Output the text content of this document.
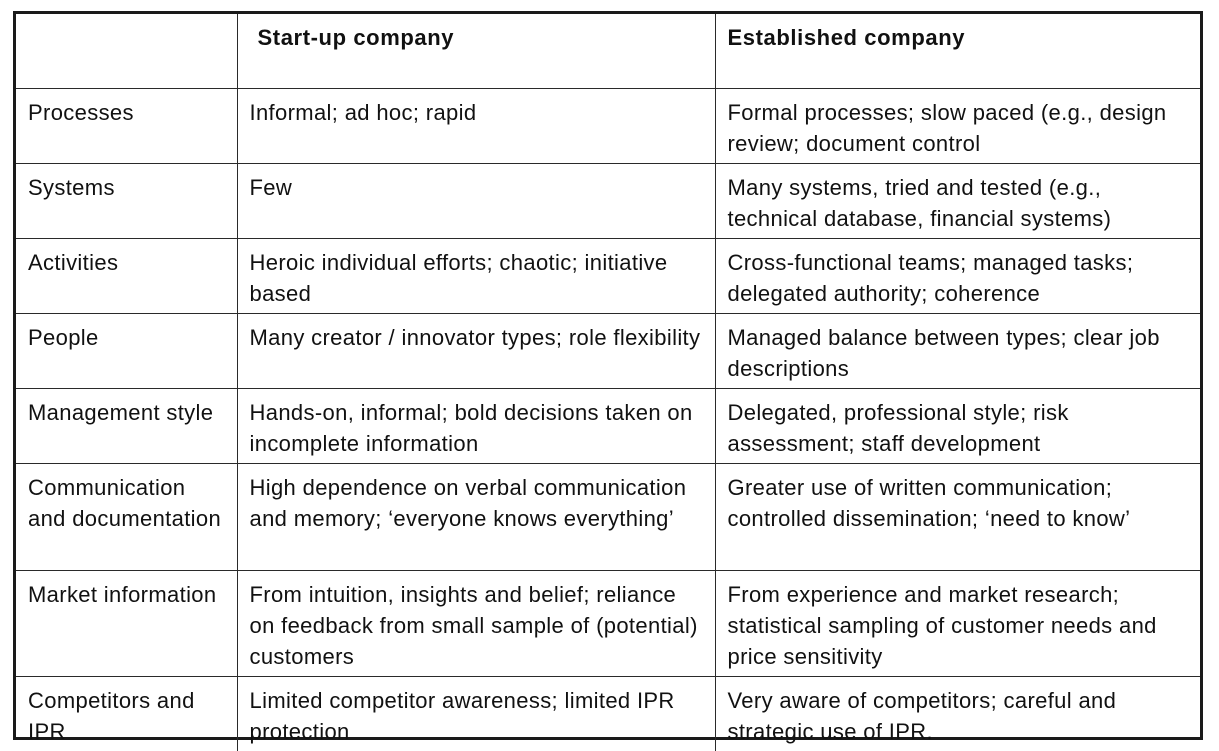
	Start-up company	Established company
Processes	Informal; ad hoc; rapid	Formal processes; slow paced (e.g., design review; document control
Systems	Few	Many systems, tried and tested (e.g., technical database, financial systems)
Activities	Heroic individual efforts; chaotic; initiative based	Cross-functional teams; managed tasks; delegated authority; coherence
People	Many creator / innovator types; role flexibility	Managed balance between types; clear job descriptions
Management style	Hands-on, informal; bold decisions taken on incomplete information	Delegated, professional style; risk assessment; staff development
Communication and documentation	High dependence on verbal communication and memory; ‘everyone knows everything’	Greater use of written communication; controlled dissemination; ‘need to know’
Market information	From intuition, insights and belief; reliance on feedback from small sample of (potential) customers	From experience and market research; statistical sampling of customer needs and price sensitivity
Competitors and IPR	Limited competitor awareness; limited IPR protection	Very aware of competitors; careful and strategic use of IPR.
